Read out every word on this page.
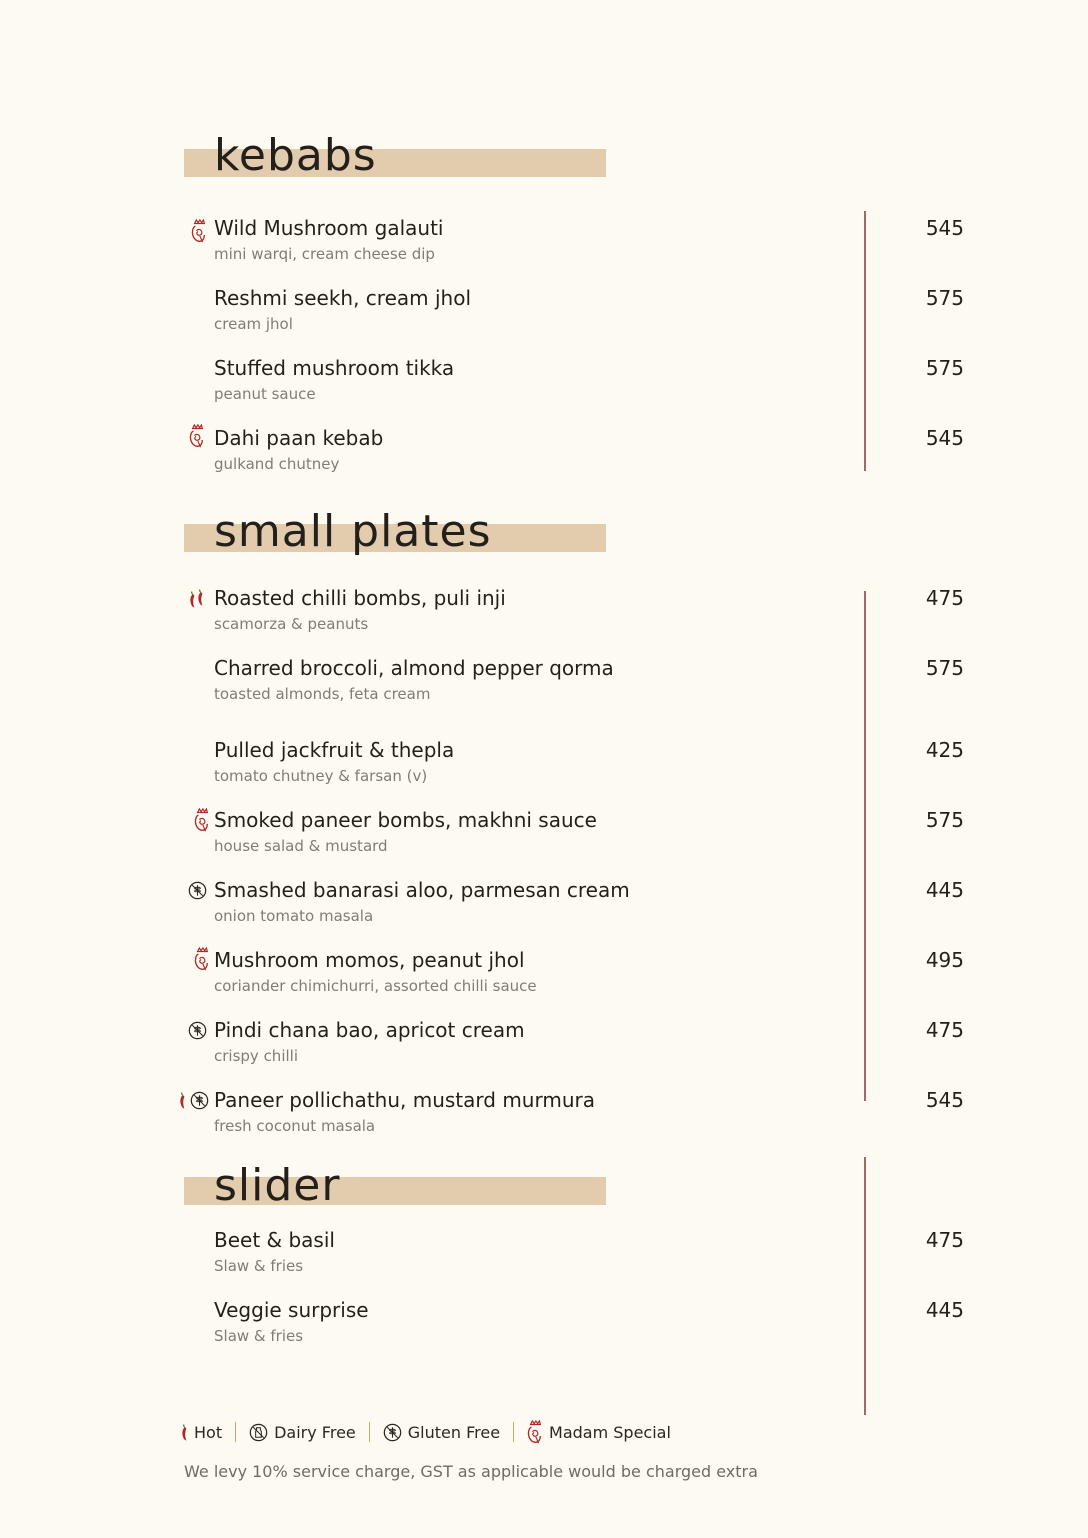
kebabs
Wild Mushroom galauti
mini warqi, cream cheese dip
545
Reshmi seekh, cream jhol
cream jhol
575
Stuffed mushroom tikka
peanut sauce
575
Dahi paan kebab
gulkand chutney
545
small plates
Roasted chilli bombs, puli inji
scamorza & peanuts
475
Charred broccoli, almond pepper qorma
toasted almonds, feta cream
575
Pulled jackfruit & thepla
tomato chutney & farsan (v)
425
Smoked paneer bombs, makhni sauce
house salad & mustard
575
Smashed banarasi aloo, parmesan cream
onion tomato masala
445
Mushroom momos, peanut jhol
coriander chimichurri, assorted chilli sauce
495
Pindi chana bao, apricot cream
crispy chilli
475
Paneer pollichathu, mustard murmura
fresh coconut masala
545
slider
Beet & basil
Slaw & fries
475
Veggie surprise
Slaw & fries
445
Hot	Dairy Free	Gluten Free	Madam Special
We levy 10% service charge, GST as applicable would be charged extra
